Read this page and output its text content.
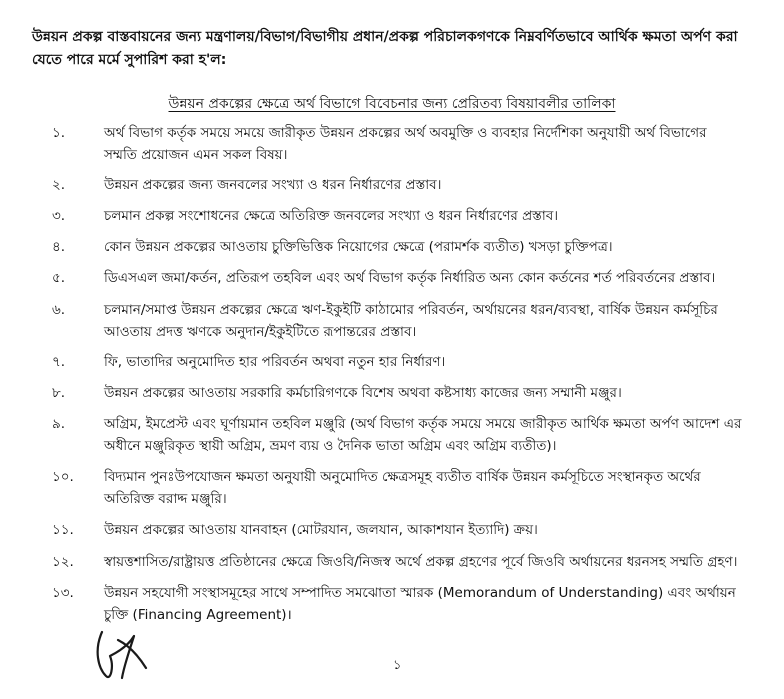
উন্নয়ন প্রকল্প বাস্তবায়নের জন্য মন্ত্রণালয়/বিভাগ/বিভাগীয় প্রধান/প্রকল্প পরিচালকগণকে নিম্নবর্ণিতভাবে আর্থিক ক্ষমতা অর্পণ করা
যেতে পারে মর্মে সুপারিশ করা হ'ল:
উন্নয়ন প্রকল্পের ক্ষেত্রে অর্থ বিভাগে বিবেচনার জন্য প্রেরিতব্য বিষয়াবলীর তালিকা
১.	অর্থ বিভাগ কর্তৃক সময়ে সময়ে জারীকৃত উন্নয়ন প্রকল্পের অর্থ অবমুক্তি ও ব্যবহার নির্দেশিকা অনুযায়ী অর্থ বিভাগের সম্মতি প্রয়োজন এমন সকল বিষয়।
২.	উন্নয়ন প্রকল্পের জন্য জনবলের সংখ্যা ও ধরন নির্ধারণের প্রস্তাব।
৩.	চলমান প্রকল্প সংশোধনের ক্ষেত্রে অতিরিক্ত জনবলের সংখ্যা ও ধরন নির্ধারণের প্রস্তাব।
৪.	কোন উন্নয়ন প্রকল্পের আওতায় চুক্তিভিত্তিক নিয়োগের ক্ষেত্রে (পরামর্শক ব্যতীত) খসড়া চুক্তিপত্র।
৫.	ডিএসএল জমা/কর্তন, প্রতিরূপ তহবিল এবং অর্থ বিভাগ কর্তৃক নির্ধারিত অন্য কোন কর্তনের শর্ত পরিবর্তনের প্রস্তাব।
৬.	চলমান/সমাপ্ত উন্নয়ন প্রকল্পের ক্ষেত্রে ঋণ-ইকুইটি কাঠামোর পরিবর্তন, অর্থায়নের ধরন/ব্যবস্থা, বার্ষিক উন্নয়ন কর্মসূচির আওতায় প্রদত্ত ঋণকে অনুদান/ইকুইটিতে রূপান্তরের প্রস্তাব।
৭.	ফি, ভাতাদির অনুমোদিত হার পরিবর্তন অথবা নতুন হার নির্ধারণ।
৮.	উন্নয়ন প্রকল্পের আওতায় সরকারি কর্মচারিগণকে বিশেষ অথবা কষ্টসাধ্য কাজের জন্য সম্মানী মঞ্জুর।
৯.	অগ্রিম, ইমপ্রেস্ট এবং ঘূর্ণায়মান তহবিল মঞ্জুরি (অর্থ বিভাগ কর্তৃক সময়ে সময়ে জারীকৃত আর্থিক ক্ষমতা অর্পণ আদেশ এর অধীনে মঞ্জুরিকৃত স্থায়ী অগ্রিম, ভ্রমণ ব্যয় ও দৈনিক ভাতা অগ্রিম এবং অগ্রিম ব্যতীত)।
১০.	বিদ্যমান পুনঃউপযোজন ক্ষমতা অনুযায়ী অনুমোদিত ক্ষেত্রসমূহ ব্যতীত বার্ষিক উন্নয়ন কর্মসূচিতে সংস্থানকৃত অর্থের অতিরিক্ত বরাদ্দ মঞ্জুরি।
১১.	উন্নয়ন প্রকল্পের আওতায় যানবাহন (মোটরযান, জলযান, আকাশযান ইত্যাদি) ক্রয়।
১২.	স্বায়ত্তশাসিত/রাষ্ট্রায়ত্ত প্রতিষ্ঠানের ক্ষেত্রে জিওবি/নিজস্ব অর্থে প্রকল্প গ্রহণের পূর্বে জিওবি অর্থায়নের ধরনসহ সম্মতি গ্রহণ।
১৩.	উন্নয়ন সহযোগী সংস্থাসমূহের সাথে সম্পাদিত সমঝোতা স্মারক (Memorandum of Understanding) এবং অর্থায়ন চুক্তি (Financing Agreement)।
১
